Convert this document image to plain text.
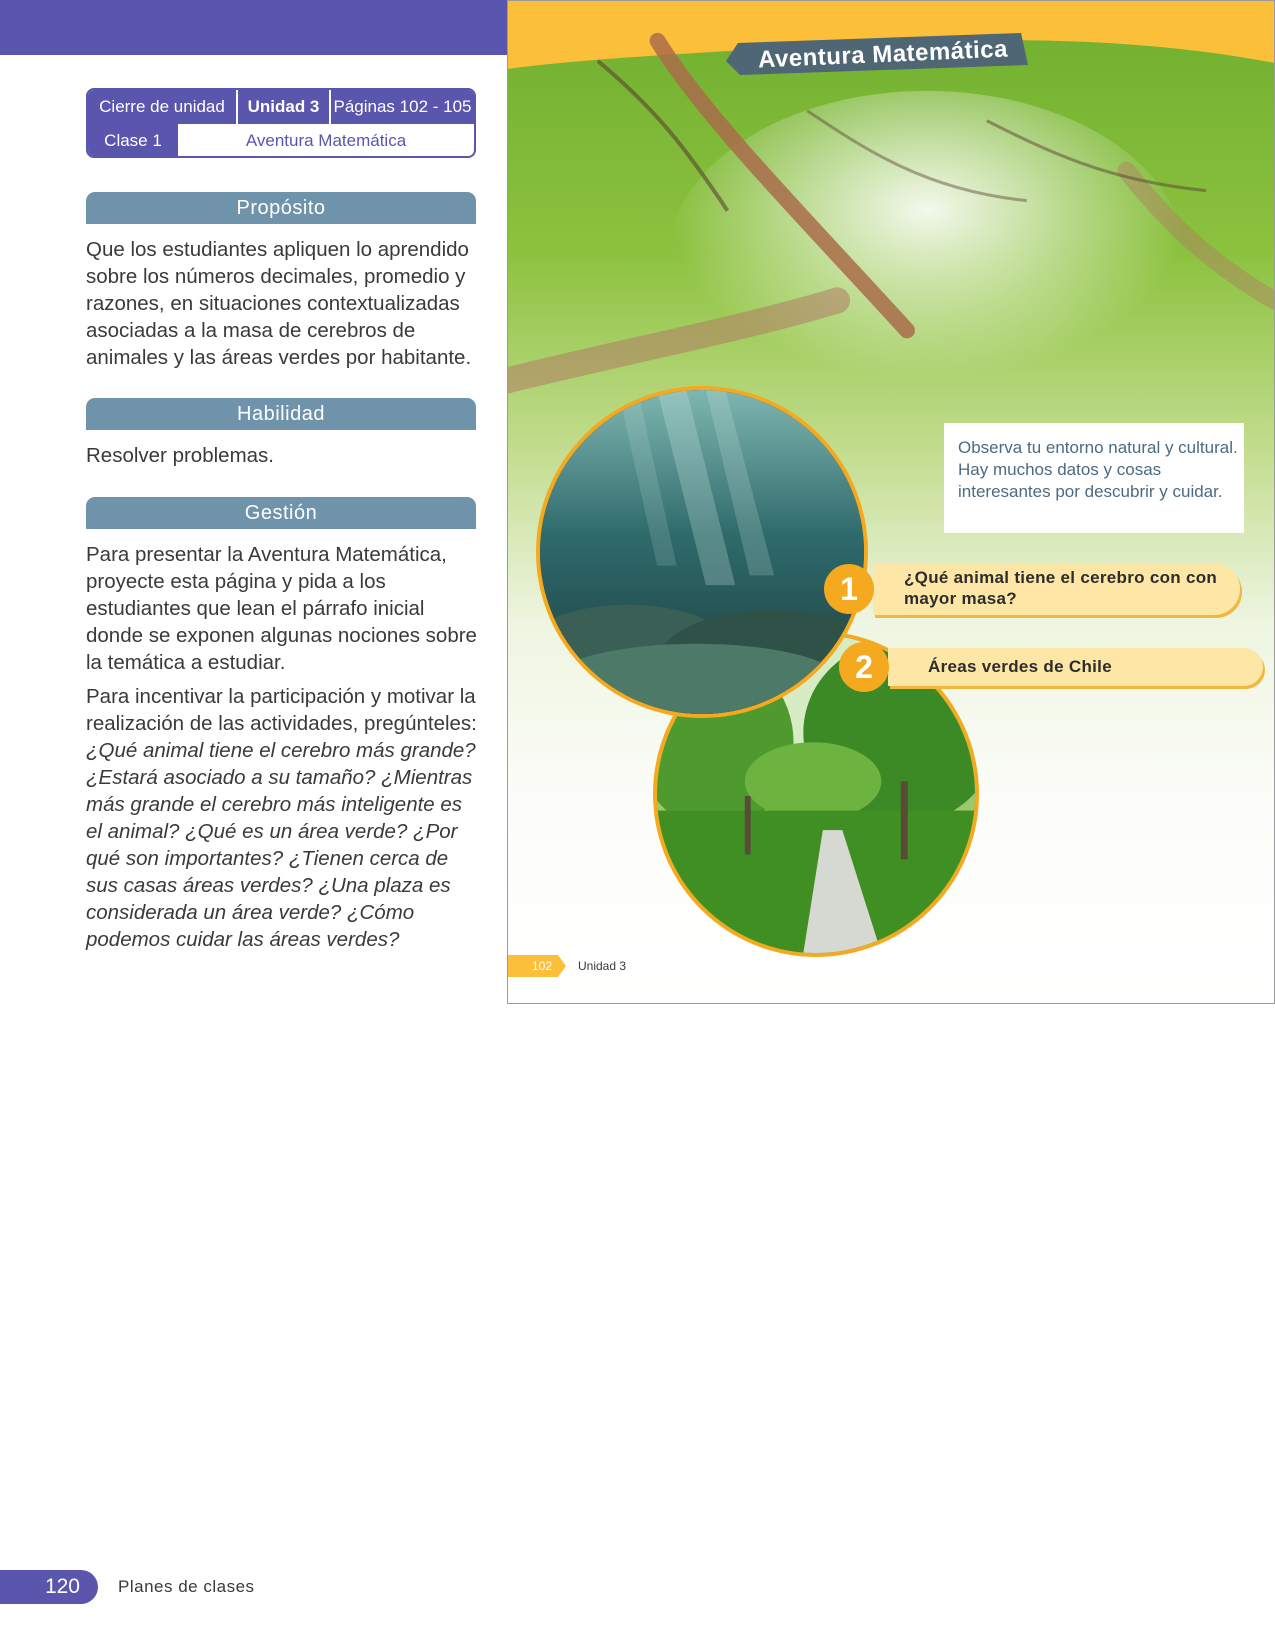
Cierre de unidad	Unidad 3 Páginas 102 - 105
Clase 1	Aventura Matemática
Propósito

Que los estudiantes apliquen lo aprendido sobre los números decimales, promedio y razones, en situaciones contextualizadas asociadas a la masa de cerebros de animales y las áreas verdes por habitante.

Habilidad

Resolver problemas.

Gestión

Para presentar la Aventura Matemática, proyecte esta página y pida a los estudiantes que lean el párrafo inicial donde se exponen algunas nociones sobre la temática a estudiar.

Para incentivar la participación y motivar la realización de las actividades, pregúnteles: ¿Qué animal tiene el cerebro más grande? ¿Estará asociado a su tamaño? ¿Mientras más grande el cerebro más inteligente es el animal? ¿Qué es un área verde? ¿Por qué son importantes? ¿Tienen cerca de sus casas áreas verdes? ¿Una plaza es considerada un área verde? ¿Cómo podemos cuidar las áreas verdes?
Aventura Matemática

Observa tu entorno natural y cultural. Hay muchos datos y cosas interesantes por descubrir y cuidar.

1	¿Qué animal tiene el cerebro con con mayor masa?

2	Áreas verdes de Chile

102	Unidad 3
120	Planes de clases
